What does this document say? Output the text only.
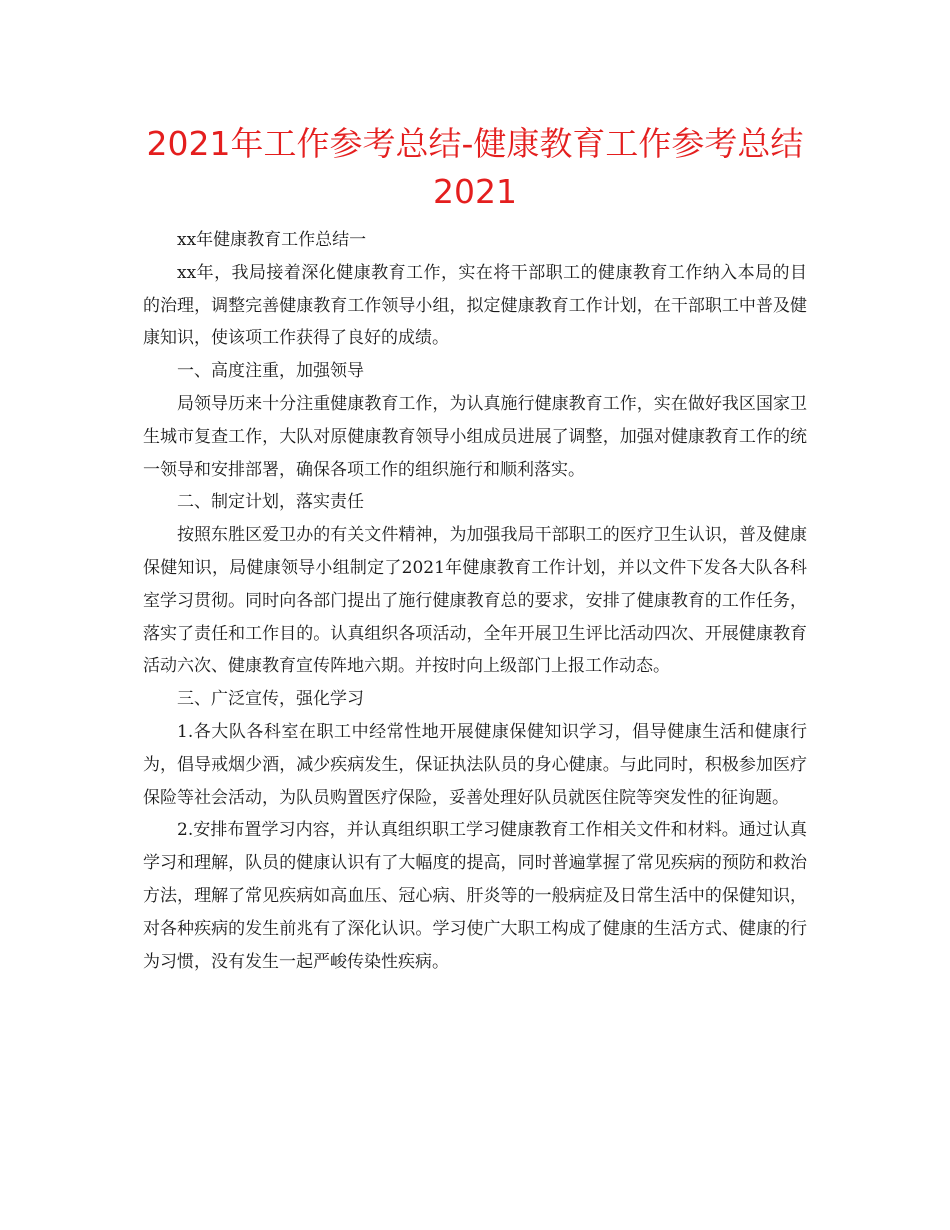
2021年工作参考总结-健康教育工作参考总结2021

xx年健康教育工作总结一

xx年，我局接着深化健康教育工作，实在将干部职工的健康教育工作纳入本局的目的治理，调整完善健康教育工作领导小组，拟定健康教育工作计划，在干部职工中普及健康知识，使该项工作获得了良好的成绩。

一、高度注重，加强领导

局领导历来十分注重健康教育工作，为认真施行健康教育工作，实在做好我区国家卫生城市复查工作，大队对原健康教育领导小组成员进展了调整，加强对健康教育工作的统一领导和安排部署，确保各项工作的组织施行和顺利落实。

二、制定计划，落实责任

按照东胜区爱卫办的有关文件精神，为加强我局干部职工的医疗卫生认识，普及健康保健知识，局健康领导小组制定了2021年健康教育工作计划，并以文件下发各大队各科室学习贯彻。同时向各部门提出了施行健康教育总的要求，安排了健康教育的工作任务，落实了责任和工作目的。认真组织各项活动，全年开展卫生评比活动四次、开展健康教育活动六次、健康教育宣传阵地六期。并按时向上级部门上报工作动态。

三、广泛宣传，强化学习

1.各大队各科室在职工中经常性地开展健康保健知识学习，倡导健康生活和健康行为，倡导戒烟少酒，减少疾病发生，保证执法队员的身心健康。与此同时，积极参加医疗保险等社会活动，为队员购置医疗保险，妥善处理好队员就医住院等突发性的征询题。

2.安排布置学习内容，并认真组织职工学习健康教育工作相关文件和材料。通过认真学习和理解，队员的健康认识有了大幅度的提高，同时普遍掌握了常见疾病的预防和救治方法，理解了常见疾病如高血压、冠心病、肝炎等的一般病症及日常生活中的保健知识，对各种疾病的发生前兆有了深化认识。学习使广大职工构成了健康的生活方式、健康的行为习惯，没有发生一起严峻传染性疾病。
